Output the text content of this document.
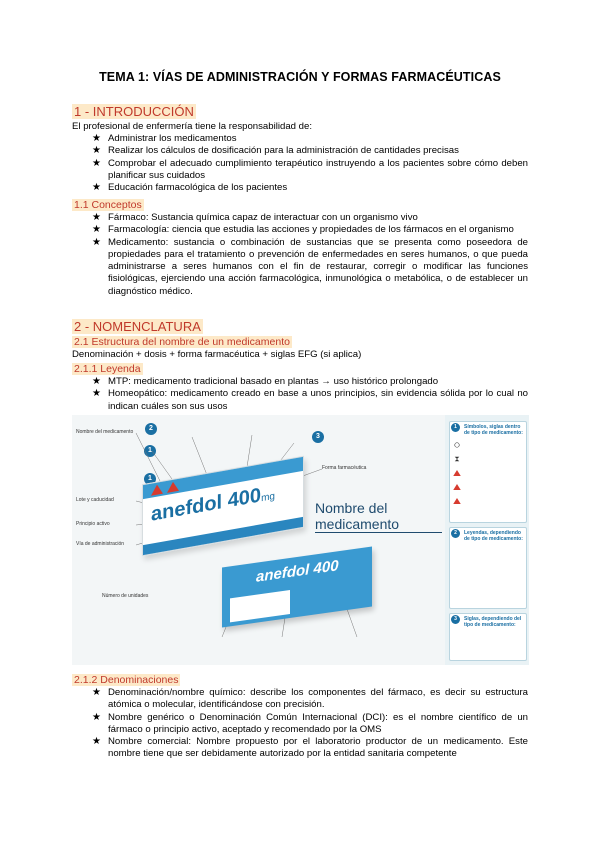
TEMA 1: VÍAS DE ADMINISTRACIÓN Y FORMAS FARMACÉUTICAS
1 - INTRODUCCIÓN
El profesional de enfermería tiene la responsabilidad de:
★ Administrar los medicamentos
★ Realizar los cálculos de dosificación para la administración de cantidades precisas
★ Comprobar el adecuado cumplimiento terapéutico instruyendo a los pacientes sobre cómo deben planificar sus cuidados
★ Educación farmacológica de los pacientes
1.1 Conceptos
★ Fármaco: Sustancia química capaz de interactuar con un organismo vivo
★ Farmacología: ciencia que estudia las acciones y propiedades de los fármacos en el organismo
★ Medicamento: sustancia o combinación de sustancias que se presenta como poseedora de propiedades para el tratamiento o prevención de enfermedades en seres humanos, o que pueda administrarse a seres humanos con el fin de restaurar, corregir o modificar las funciones fisiológicas, ejerciendo una acción farmacológica, inmunológica o metabólica, o de establecer un diagnóstico médico.
2 - NOMENCLATURA
2.1 Estructura del nombre de un medicamento
Denominación + dosis + forma farmacéutica + siglas EFG (si aplica)
2.1.1 Leyenda
★ MTP: medicamento tradicional basado en plantas → uso histórico prolongado
★ Homeopático: medicamento creado en base a unos principios, sin evidencia sólida por lo cual no indican cuáles son sus usos
1
1
2
3
Nombre del medicamento
Lote y caducidad
Principio activo
Vía de administración
Número de unidades
Forma farmacéutica
anefdol 400mg
anefdol 400
Nombre del medicamento
1	Símbolos, siglas dentro de tipo de medicamento:

2	Leyendas, dependiendo de tipo de medicamento:
3	Siglas, dependiendo del tipo de medicamento:
2.1.2 Denominaciones
★ Denominación/nombre químico: describe los componentes del fármaco, es decir su estructura atómica o molecular, identificándose con precisión.
★ Nombre genérico o Denominación Común Internacional (DCI): es el nombre científico de un fármaco o principio activo, aceptado y recomendado por la OMS
★ Nombre comercial: Nombre propuesto por el laboratorio productor de un medicamento. Este nombre tiene que ser debidamente autorizado por la entidad sanitaria competente
